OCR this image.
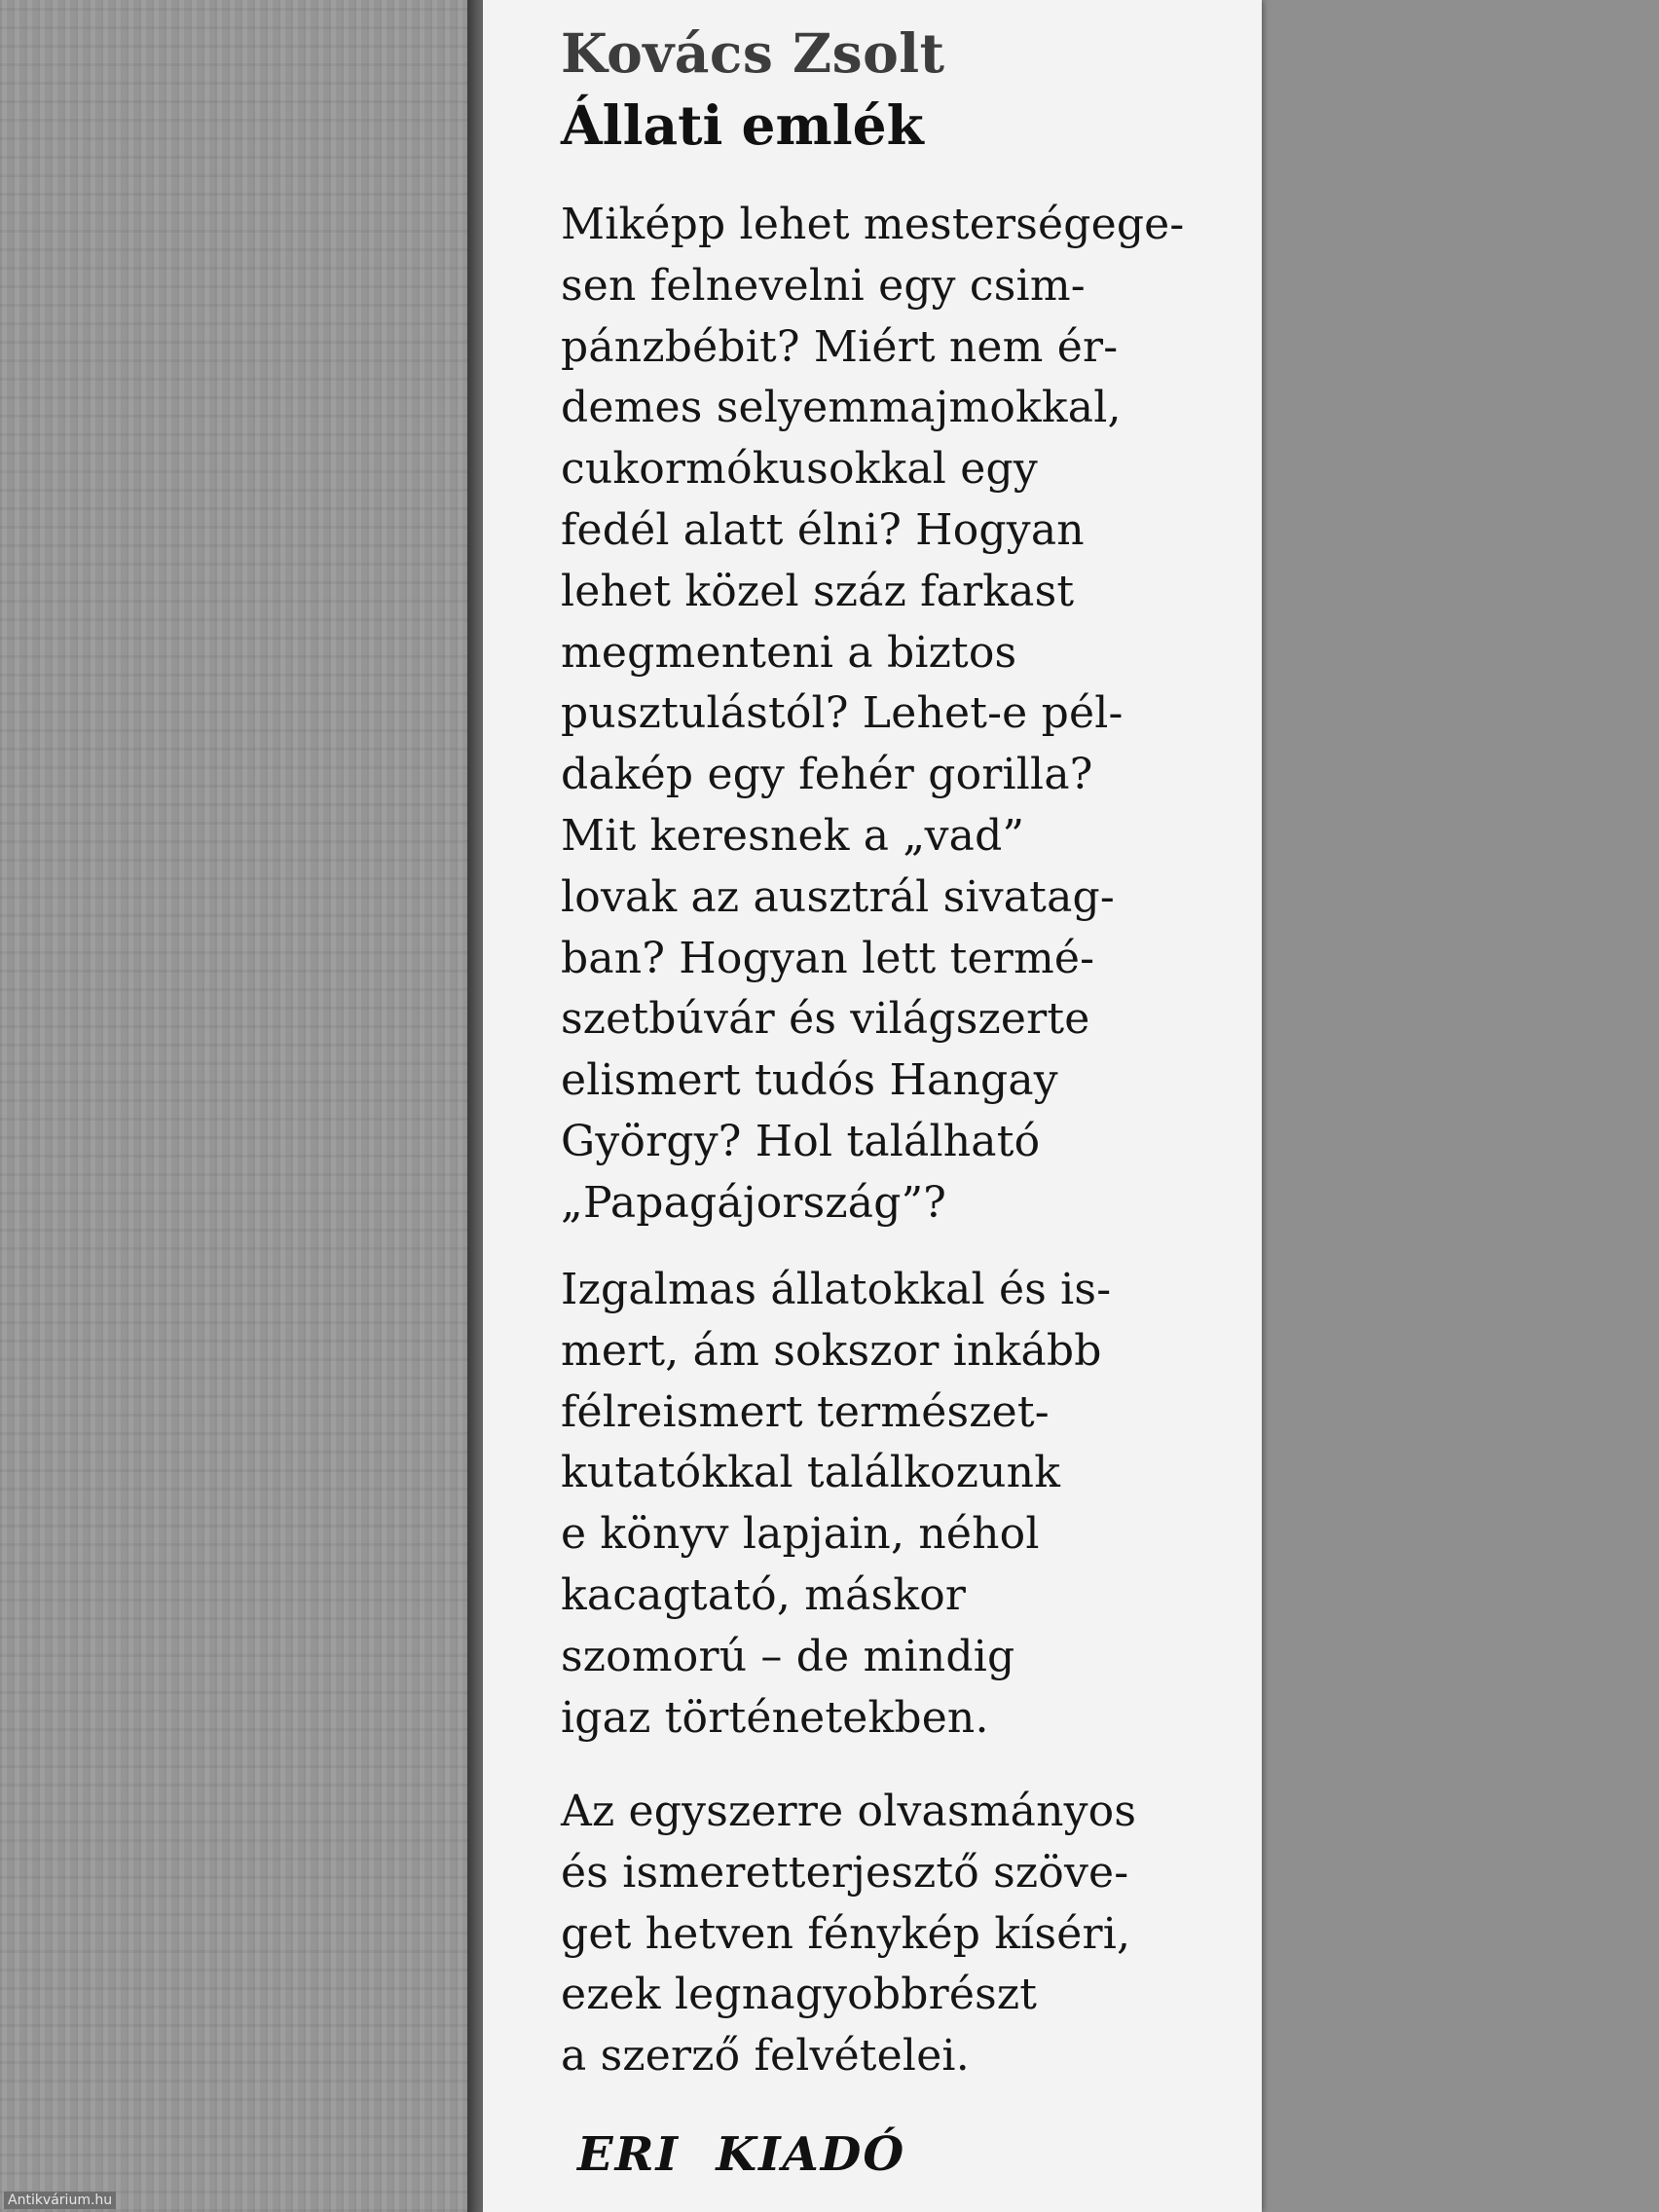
Kovács Zsolt
Állati emlék
Miképp lehet mesterségege-
sen felnevelni egy csim-
pánzbébit? Miért nem ér-
demes selyemmajmokkal,
cukormókusokkal egy
fedél alatt élni? Hogyan
lehet közel száz farkast
megmenteni a biztos
pusztulástól? Lehet-e pél-
dakép egy fehér gorilla?
Mit keresnek a „vad”
lovak az ausztrál sivatag-
ban? Hogyan lett termé-
szetbúvár és világszerte
elismert tudós Hangay
György? Hol található
„Papagájország”?
Izgalmas állatokkal és is-
mert, ám sokszor inkább
félreismert természet-
kutatókkal találkozunk
e könyv lapjain, néhol
kacagtató, máskor
szomorú – de mindig
igaz történetekben.
Az egyszerre olvasmányos
és ismeretterjesztő szöve-
get hetven fénykép kíséri,
ezek legnagyobbrészt
a szerző felvételei.

ERI  KIADÓ

Antikvárium.hu
